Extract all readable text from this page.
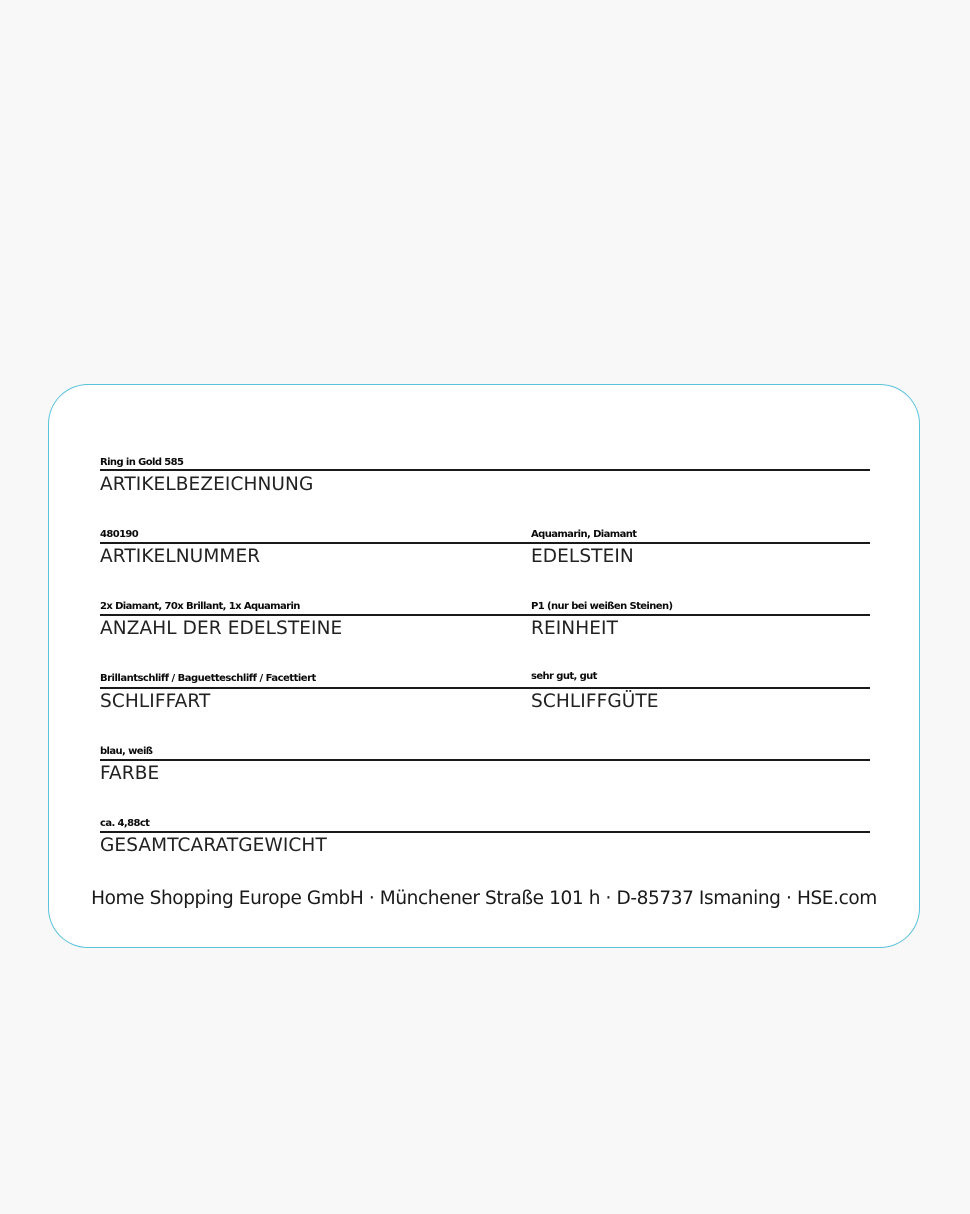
Ring in Gold 585
ARTIKELBEZEICHNUNG
480190
ARTIKELNUMMER
Aquamarin, Diamant
EDELSTEIN
2x Diamant, 70x Brillant, 1x Aquamarin
ANZAHL DER EDELSTEINE
P1 (nur bei weißen Steinen)
REINHEIT
Brillantschliff / Baguetteschliff / Facettiert
SCHLIFFART
sehr gut, gut
SCHLIFFGÜTE
blau, weiß
FARBE
ca. 4,88ct
GESAMTCARATGEWICHT
Home Shopping Europe GmbH · Münchener Straße 101 h · D-85737 Ismaning · HSE.com
